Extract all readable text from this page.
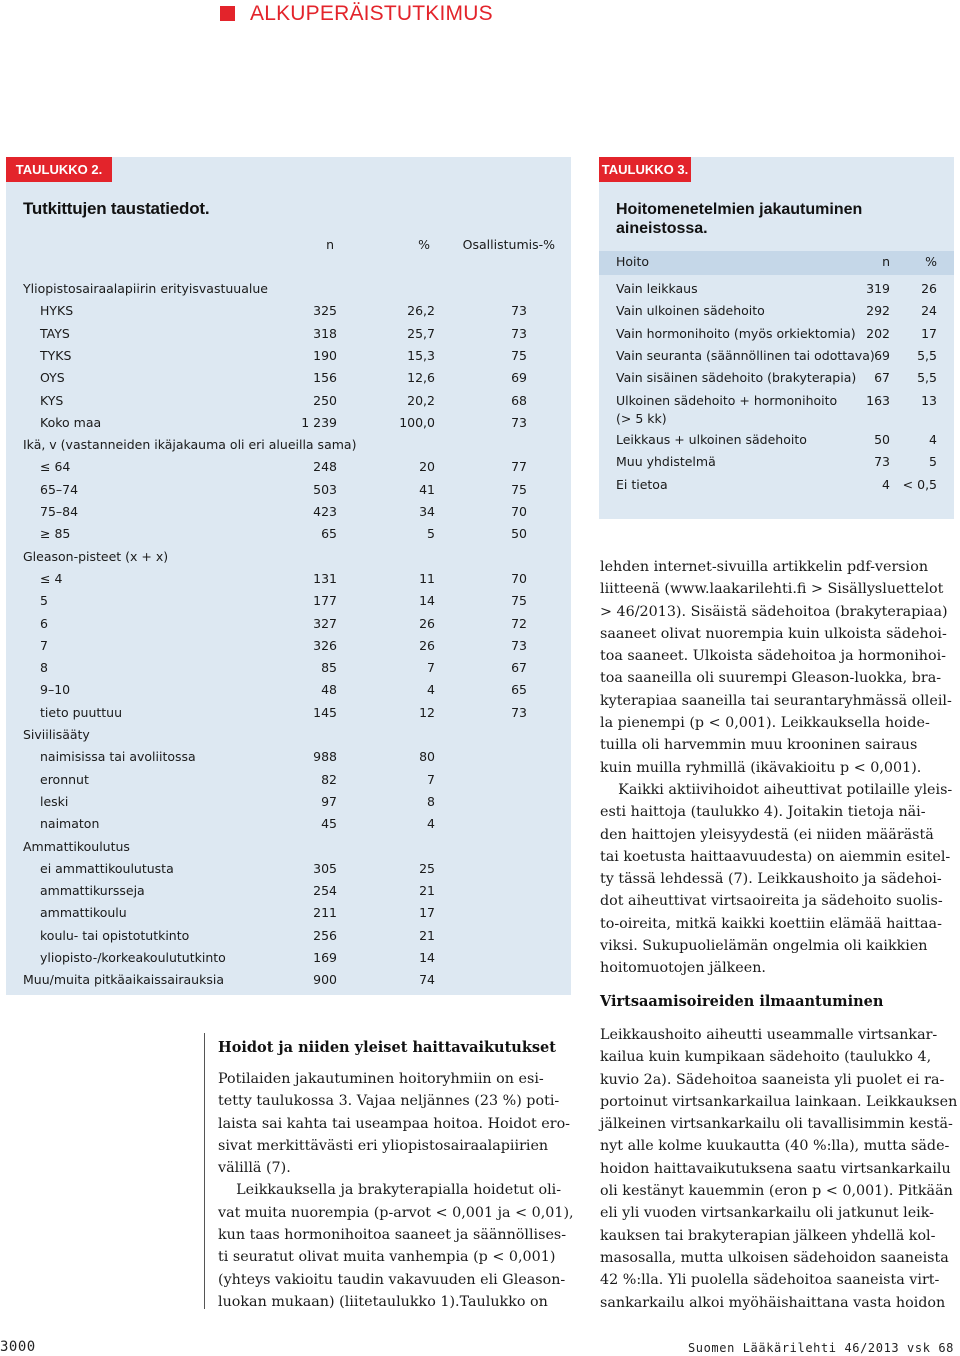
ALKUPERÄISTUTKIMUS
TAULUKKO 2.
Tutkittujen taustatiedot.
n	%	Osallistumis-%
Yliopistosairaalapiirin erityisvastuualue
HYKS	325	26,2	73
TAYS	318	25,7	73
TYKS	190	15,3	75
OYS	156	12,6	69
KYS	250	20,2	68
Koko maa	1 239	100,0	73
Ikä, v (vastanneiden ikäjakauma oli eri alueilla sama)
≤ 64	248	20	77
65–74	503	41	75
75–84	423	34	70
≥ 85	65	5	50
Gleason-pisteet (x + x)
≤ 4	131	11	70
5	177	14	75
6	327	26	72
7	326	26	73
8	85	7	67
9–10	48	4	65
tieto puuttuu	145	12	73
Siviilisääty
naimisissa tai avoliitossa	988	80
eronnut	82	7
leski	97	8
naimaton	45	4
Ammattikoulutus
ei ammattikoulutusta	305	25
ammattikursseja	254	21
ammattikoulu	211	17
koulu- tai opistotutkinto	256	21
yliopisto-/korkeakoulututkinto	169	14
Muu/muita pitkäaikaissairauksia	900	74
TAULUKKO 3.
Hoitomenetelmien jakautuminen aineistossa.
Hoito	n	%
Vain leikkaus	319 26
Vain ulkoinen sädehoito	292 24
Vain hormonihoito (myös orkiektomia) 202 17
Vain seuranta (säännöllinen tai odottava) 69 5,5
Vain sisäinen sädehoito (brakyterapia) 67 5,5
Ulkoinen sädehoito + hormonihoito
(> 5 kk)
163 13
Leikkaus + ulkoinen sädehoito	50	4
Muu yhdistelmä	73	5
Ei tietoa	4 < 0,5
Hoidot ja niiden yleiset haittavaikutukset
Potilaiden jakautuminen hoitoryhmiin on esi-
tetty taulukossa 3. Vajaa neljännes (23 %) poti-
laista sai kahta tai useampaa hoitoa. Hoidot ero-
sivat merkittävästi eri yliopistosairaalapiirien
välillä (7).
Leikkauksella ja brakyterapialla hoidetut oli-
vat muita nuorempia (p-arvot < 0,001 ja < 0,01),
kun taas hormonihoitoa saaneet ja säännöllises-
ti seuratut olivat muita vanhempia (p < 0,001)
(yhteys vakioitu taudin vakavuuden eli Gleason-
luokan mukaan) (liitetaulukko 1).Taulukko on
lehden internet-sivuilla artikkelin pdf-version
liitteenä (www.laakarilehti.fi > Sisällysluettelot
> 46/2013). Sisäistä sädehoitoa (brakyterapiaa)
saaneet olivat nuorempia kuin ulkoista sädehoi-
toa saaneet. Ulkoista sädehoitoa ja hormonihoi-
toa saaneilla oli suurempi Gleason-luokka, bra-
kyterapiaa saaneilla tai seurantaryhmässä olleil-
la pienempi (p < 0,001). Leikkauksella hoide-
tuilla oli harvemmin muu krooninen sairaus
kuin muilla ryhmillä (ikävakioitu p < 0,001).
Kaikki aktiivihoidot aiheuttivat potilaille yleis-
esti haittoja (taulukko 4). Joitakin tietoja näi-
den haittojen yleisyydestä (ei niiden määrästä
tai koetusta haittaavuudesta) on aiemmin esitel-
ty tässä lehdessä (7). Leikkaushoito ja sädehoi-
dot aiheuttivat virtsaoireita ja sädehoito suolis-
to-oireita, mitkä kaikki koettiin elämää haittaa-
viksi. Sukupuolielämän ongelmia oli kaikkien
hoitomuotojen jälkeen.
Virtsaamisoireiden ilmaantuminen
Leikkaushoito aiheutti useammalle virtsankar-
kailua kuin kumpikaan sädehoito (taulukko 4,
kuvio 2a). Sädehoitoa saaneista yli puolet ei ra-
portoinut virtsankarkailua lainkaan. Leikkauksen
jälkeinen virtsankarkailu oli tavallisimmin kestä-
nyt alle kolme kuukautta (40 %:lla), mutta säde-
hoidon haittavaikutuksena saatu virtsankarkailu
oli kestänyt kauemmin (eron p < 0,001). Pitkään
eli yli vuoden virtsankarkailu oli jatkunut leik-
kauksen tai brakyterapian jälkeen yhdellä kol-
masosalla, mutta ulkoisen sädehoidon saaneista
42 %:lla. Yli puolella sädehoitoa saaneista virt-
sankarkailu alkoi myöhäishaittana vasta hoidon
3000	Suomen Lääkärilehti 46/2013 vsk 68
